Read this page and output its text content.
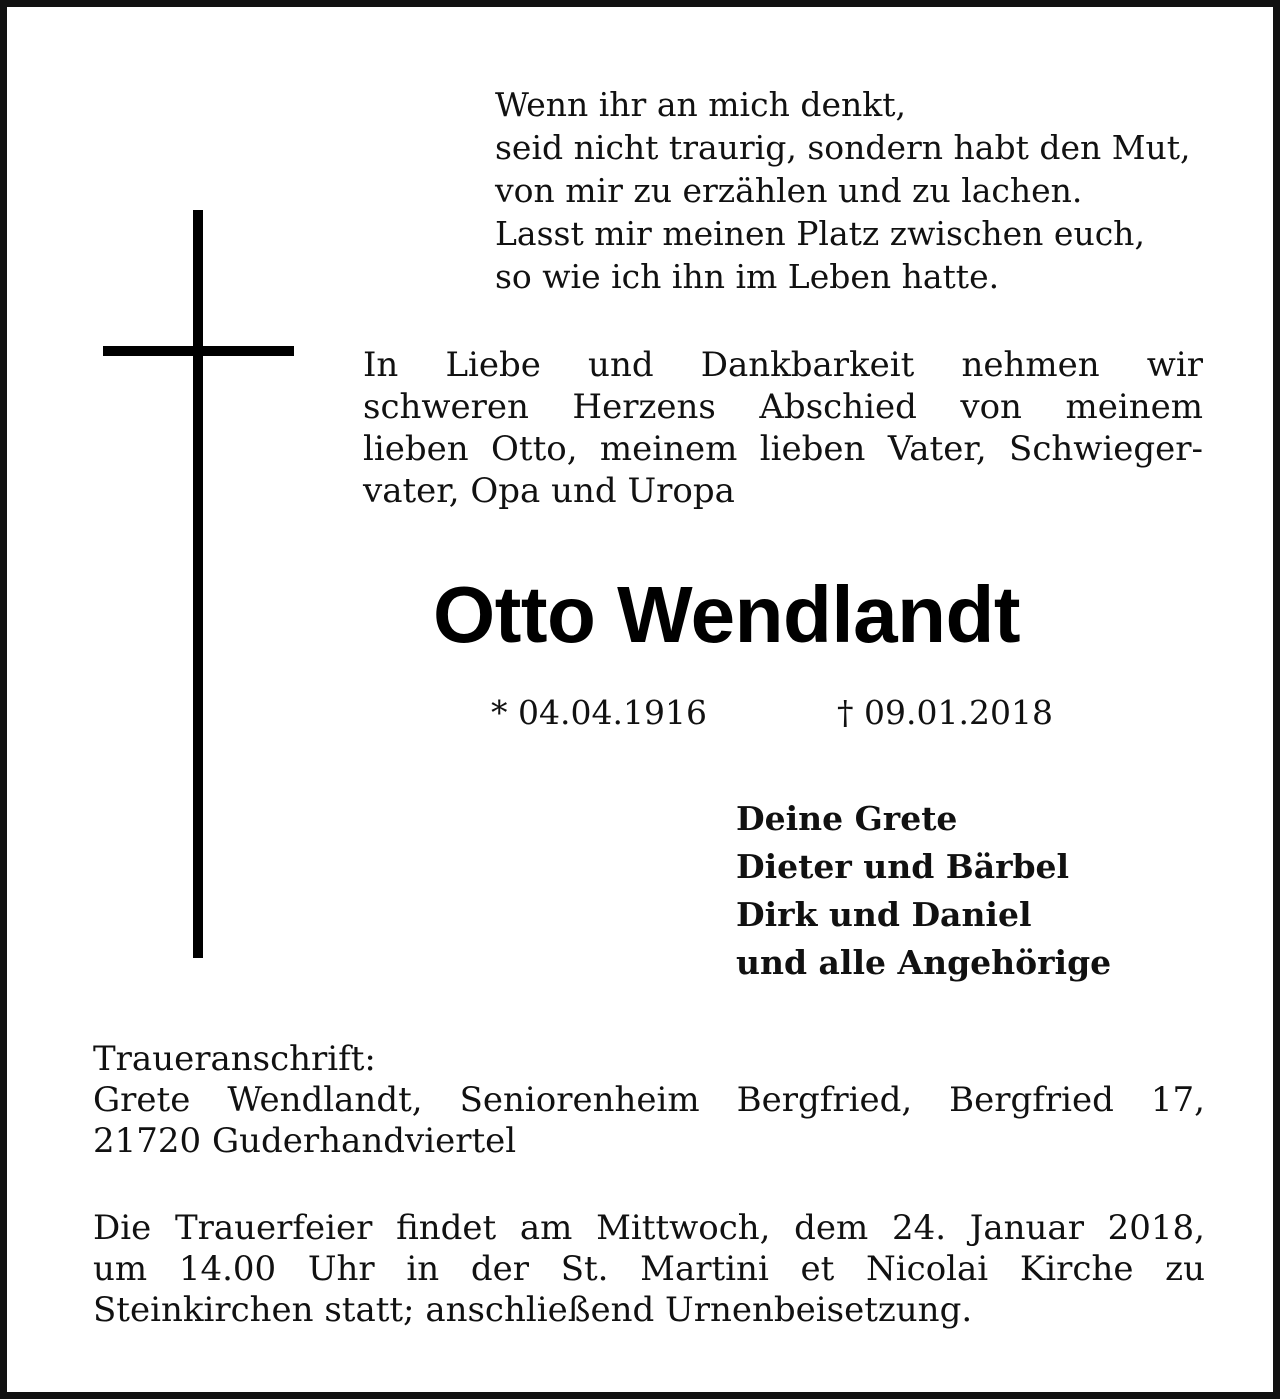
Wenn ihr an mich denkt,
seid nicht traurig, sondern habt den Mut,
von mir zu erzählen und zu lachen.
Lasst mir meinen Platz zwischen euch,
so wie ich ihn im Leben hatte.
In Liebe und Dankbarkeit nehmen wir
schweren Herzens Abschied von meinem
lieben Otto, meinem lieben Vater, Schwieger-
vater, Opa und Uropa
Otto Wendlandt
* 04.04.1916	† 09.01.2018
Deine Grete
Dieter und Bärbel
Dirk und Daniel
und alle Angehörige
Traueranschrift:
Grete Wendlandt, Seniorenheim Bergfried, Bergfried 17,
21720 Guderhandviertel
Die Trauerfeier findet am Mittwoch, dem 24. Januar 2018,
um 14.00 Uhr in der St. Martini et Nicolai Kirche zu
Steinkirchen statt; anschließend Urnenbeisetzung.
